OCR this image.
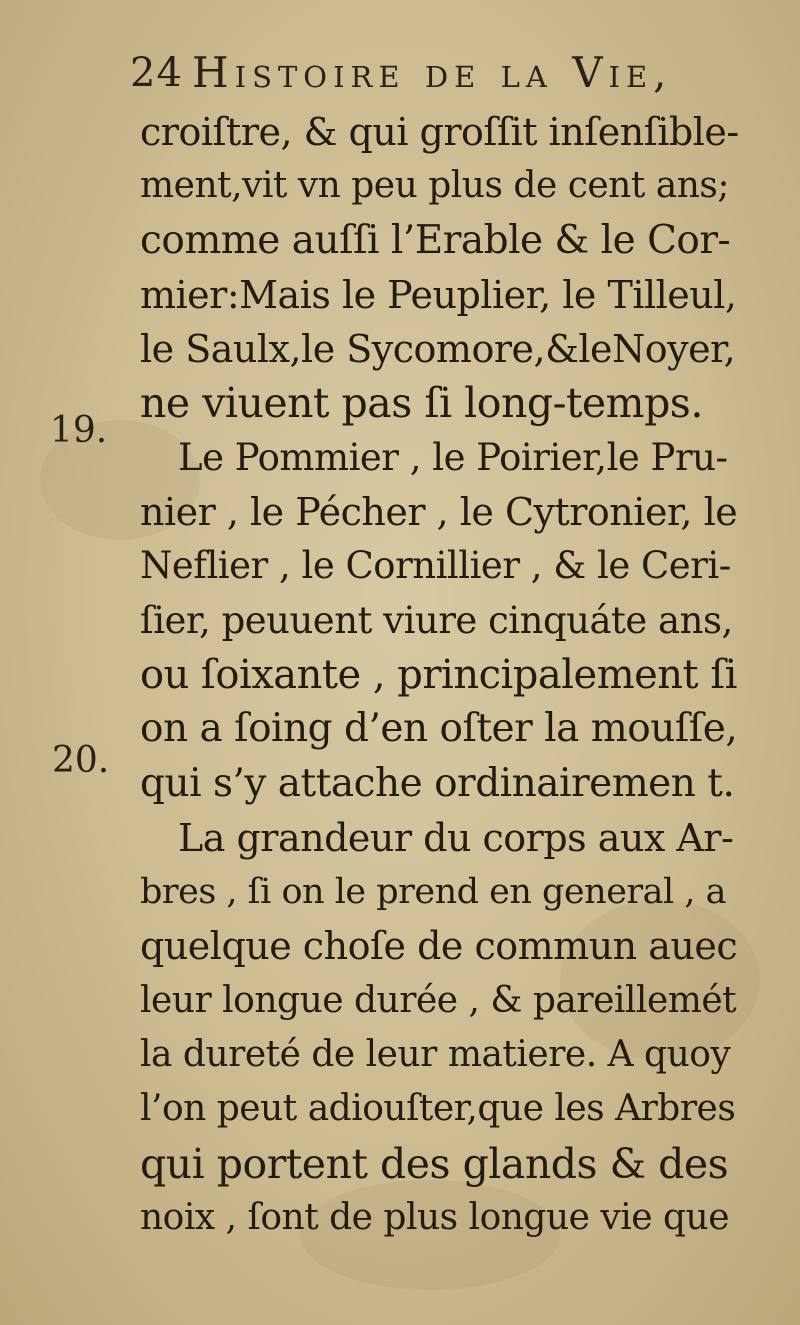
24 Histoire de la Vie,
19.
20.
croiſtre, & qui groſſit inſenſible-
ment,vit vn peu plus de cent ans;
comme auſſi l’Erable & le Cor-
mier:Mais le Peuplier, le Tilleul,
le Saulx,le Sycomore,&leNoyer,
ne viuent pas ſi long-temps.
Le Pommier , le Poirier,le Pru-
nier , le Pécher , le Cytronier, le
Neflier , le Cornillier , & le Ceri-
ſier, peuuent viure cinquáte ans,
ou ſoixante , principalement ſi
on a ſoing d’en oſter la mouſſe,
qui s’y attache ordinairemen t.
La grandeur du corps aux Ar-
bres , ſi on le prend en general , a
quelque choſe de commun auec
leur longue durée , & pareillemét
la dureté de leur matiere. A quoy
l’on peut adiouſter,que les Arbres
qui portent des glands & des
noix , ſont de plus longue vie que
